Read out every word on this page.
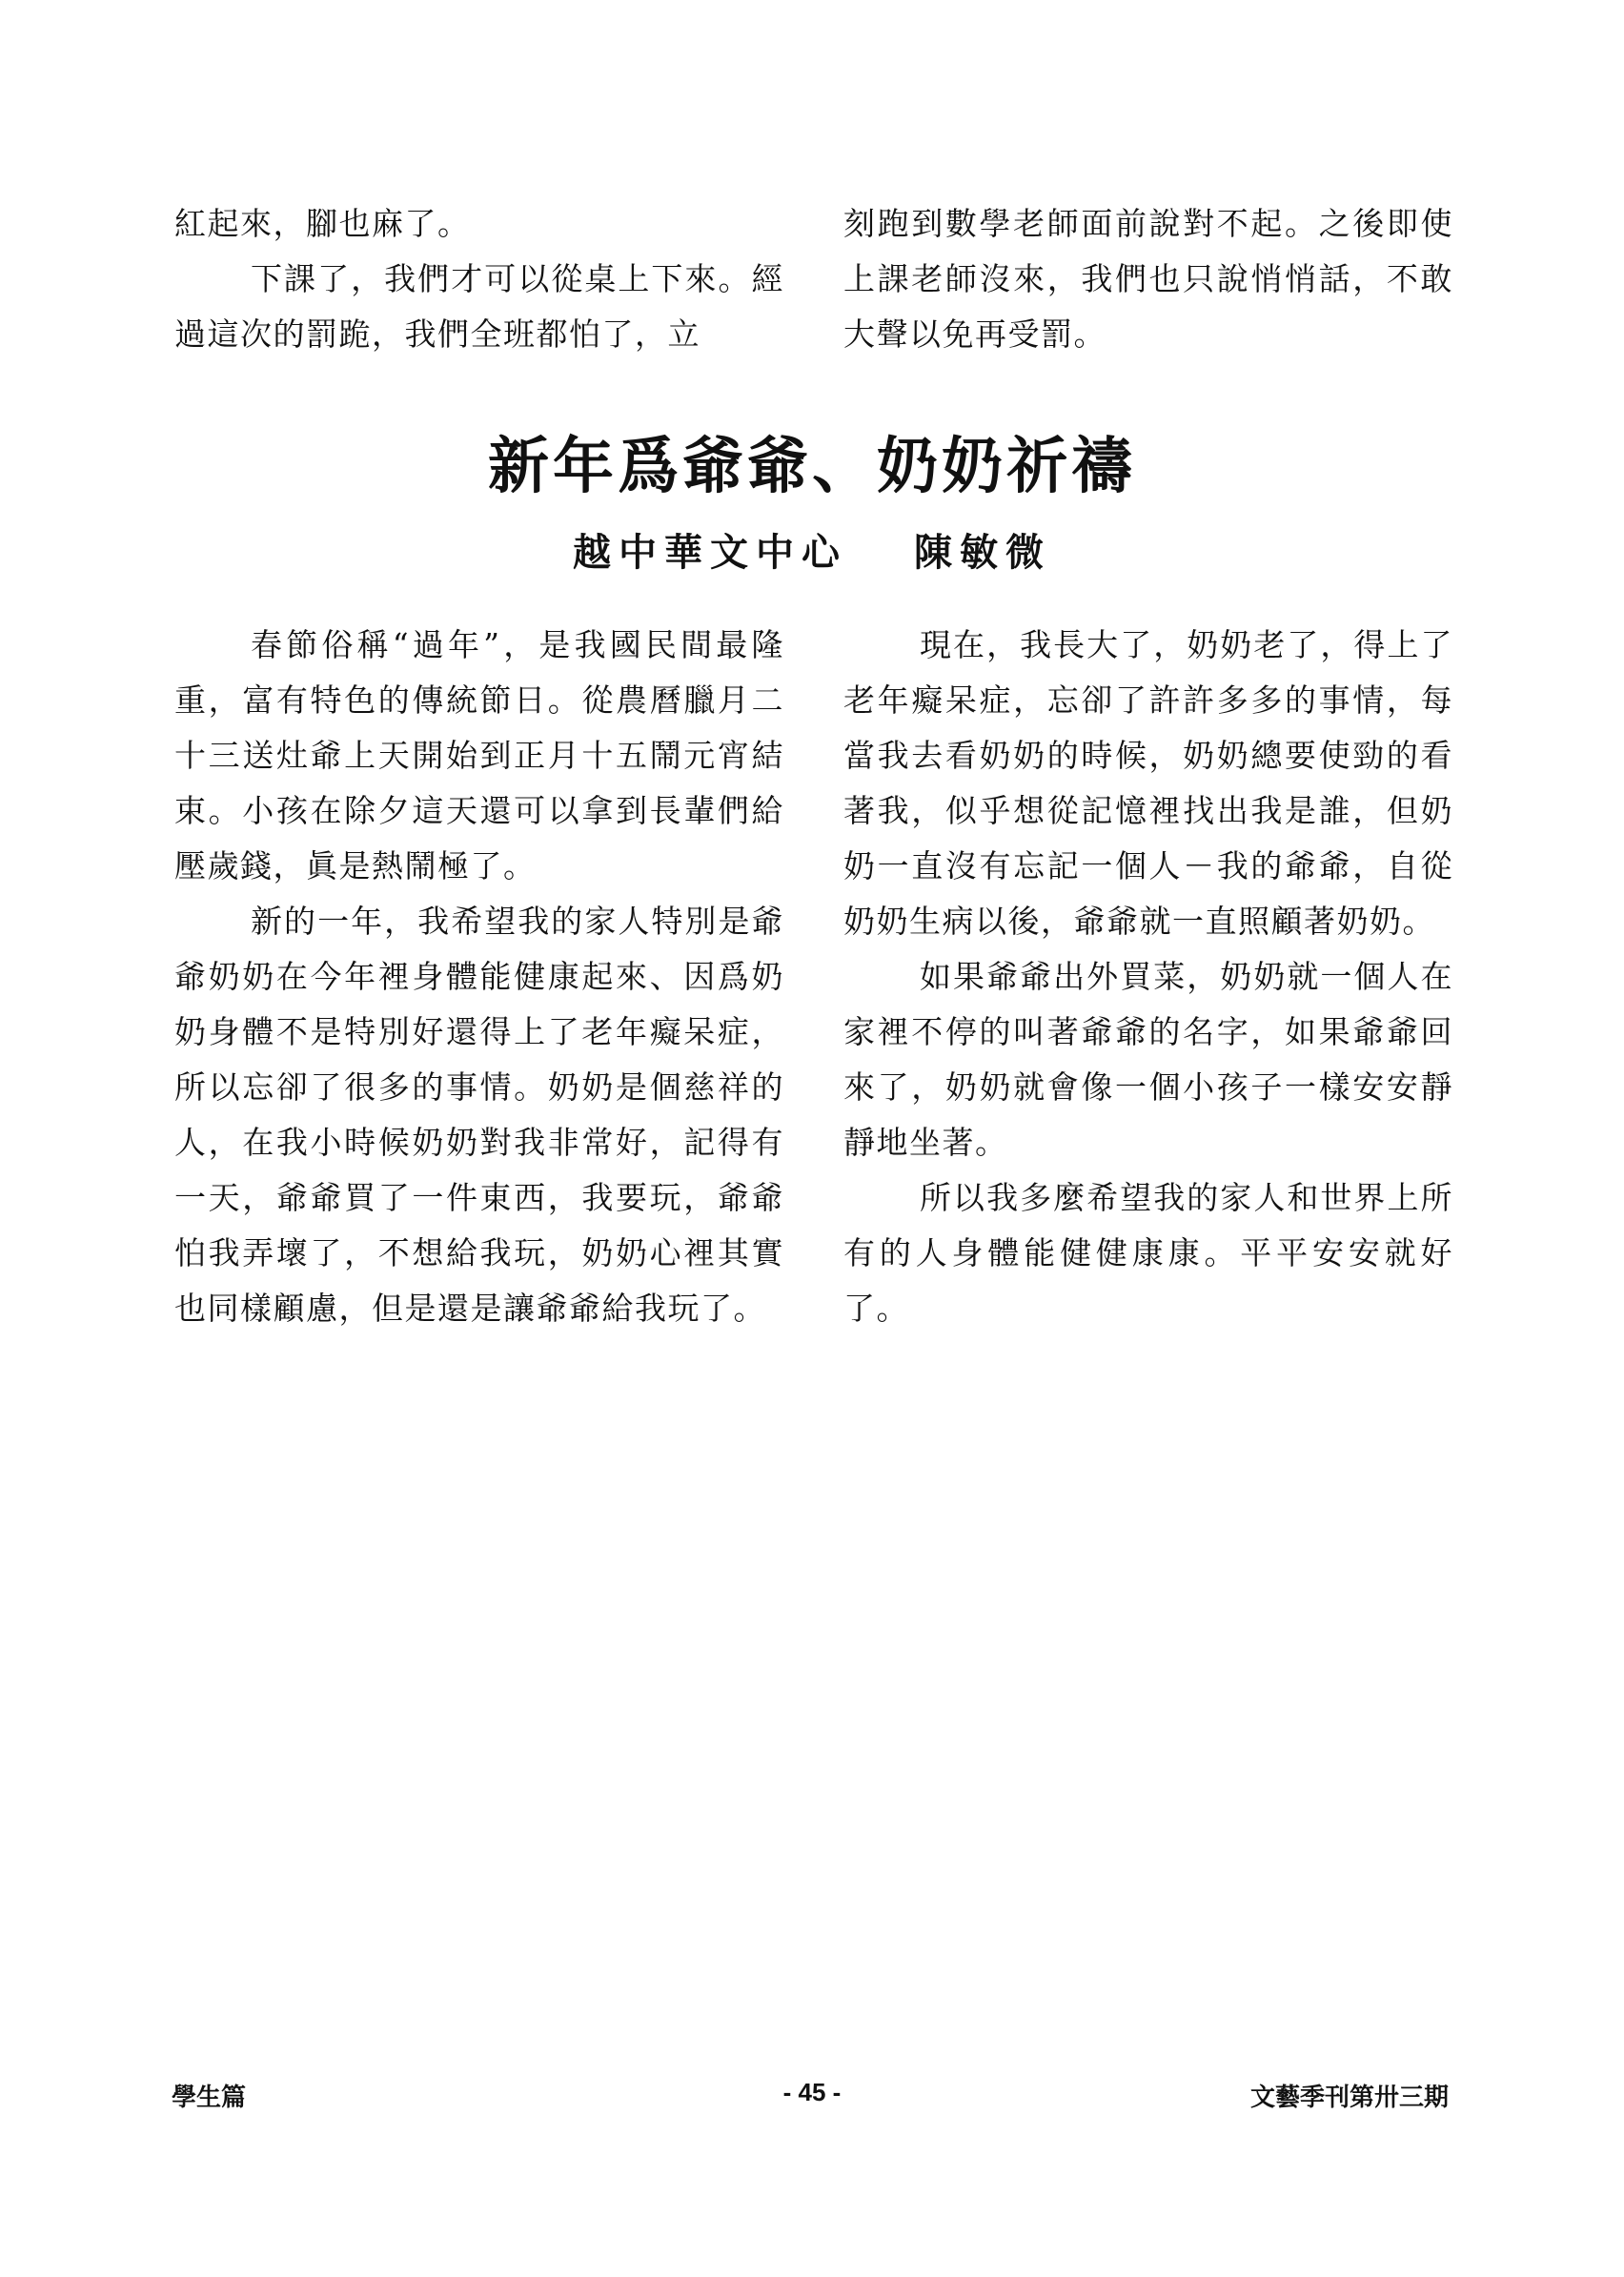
紅起來，腳也麻了。

下課了，我們才可以從桌上下來。經過這次的罰跪，我們全班都怕了，立

刻跑到數學老師面前說對不起。之後即使上課老師沒來，我們也只說悄悄話，不敢大聲以免再受罰。

新年爲爺爺、奶奶祈禱

越中華文中心 陳敏微

春節俗稱“過年”，是我國民間最隆重，富有特色的傳統節日。從農曆臘月二十三送灶爺上天開始到正月十五鬧元宵結束。小孩在除夕這天還可以拿到長輩們給壓歲錢，眞是熱鬧極了。

新的一年，我希望我的家人特別是爺爺奶奶在今年裡身體能健康起來、因爲奶奶身體不是特別好還得上了老年癡呆症，所以忘卻了很多的事情。奶奶是個慈祥的人，在我小時候奶奶對我非常好，記得有一天，爺爺買了一件東西，我要玩，爺爺怕我弄壞了，不想給我玩，奶奶心裡其實也同樣顧慮，但是還是讓爺爺給我玩了。

現在，我長大了，奶奶老了，得上了老年癡呆症，忘卻了許許多多的事情，每當我去看奶奶的時候，奶奶總要使勁的看著我，似乎想從記憶裡找出我是誰，但奶奶一直沒有忘記一個人－我的爺爺，自從奶奶生病以後，爺爺就一直照顧著奶奶。

如果爺爺出外買菜，奶奶就一個人在家裡不停的叫著爺爺的名字，如果爺爺回來了，奶奶就會像一個小孩子一樣安安靜靜地坐著。

所以我多麼希望我的家人和世界上所有的人身體能健健康康。平平安安就好了。

學生篇	- 45 -	文藝季刊第卅三期
